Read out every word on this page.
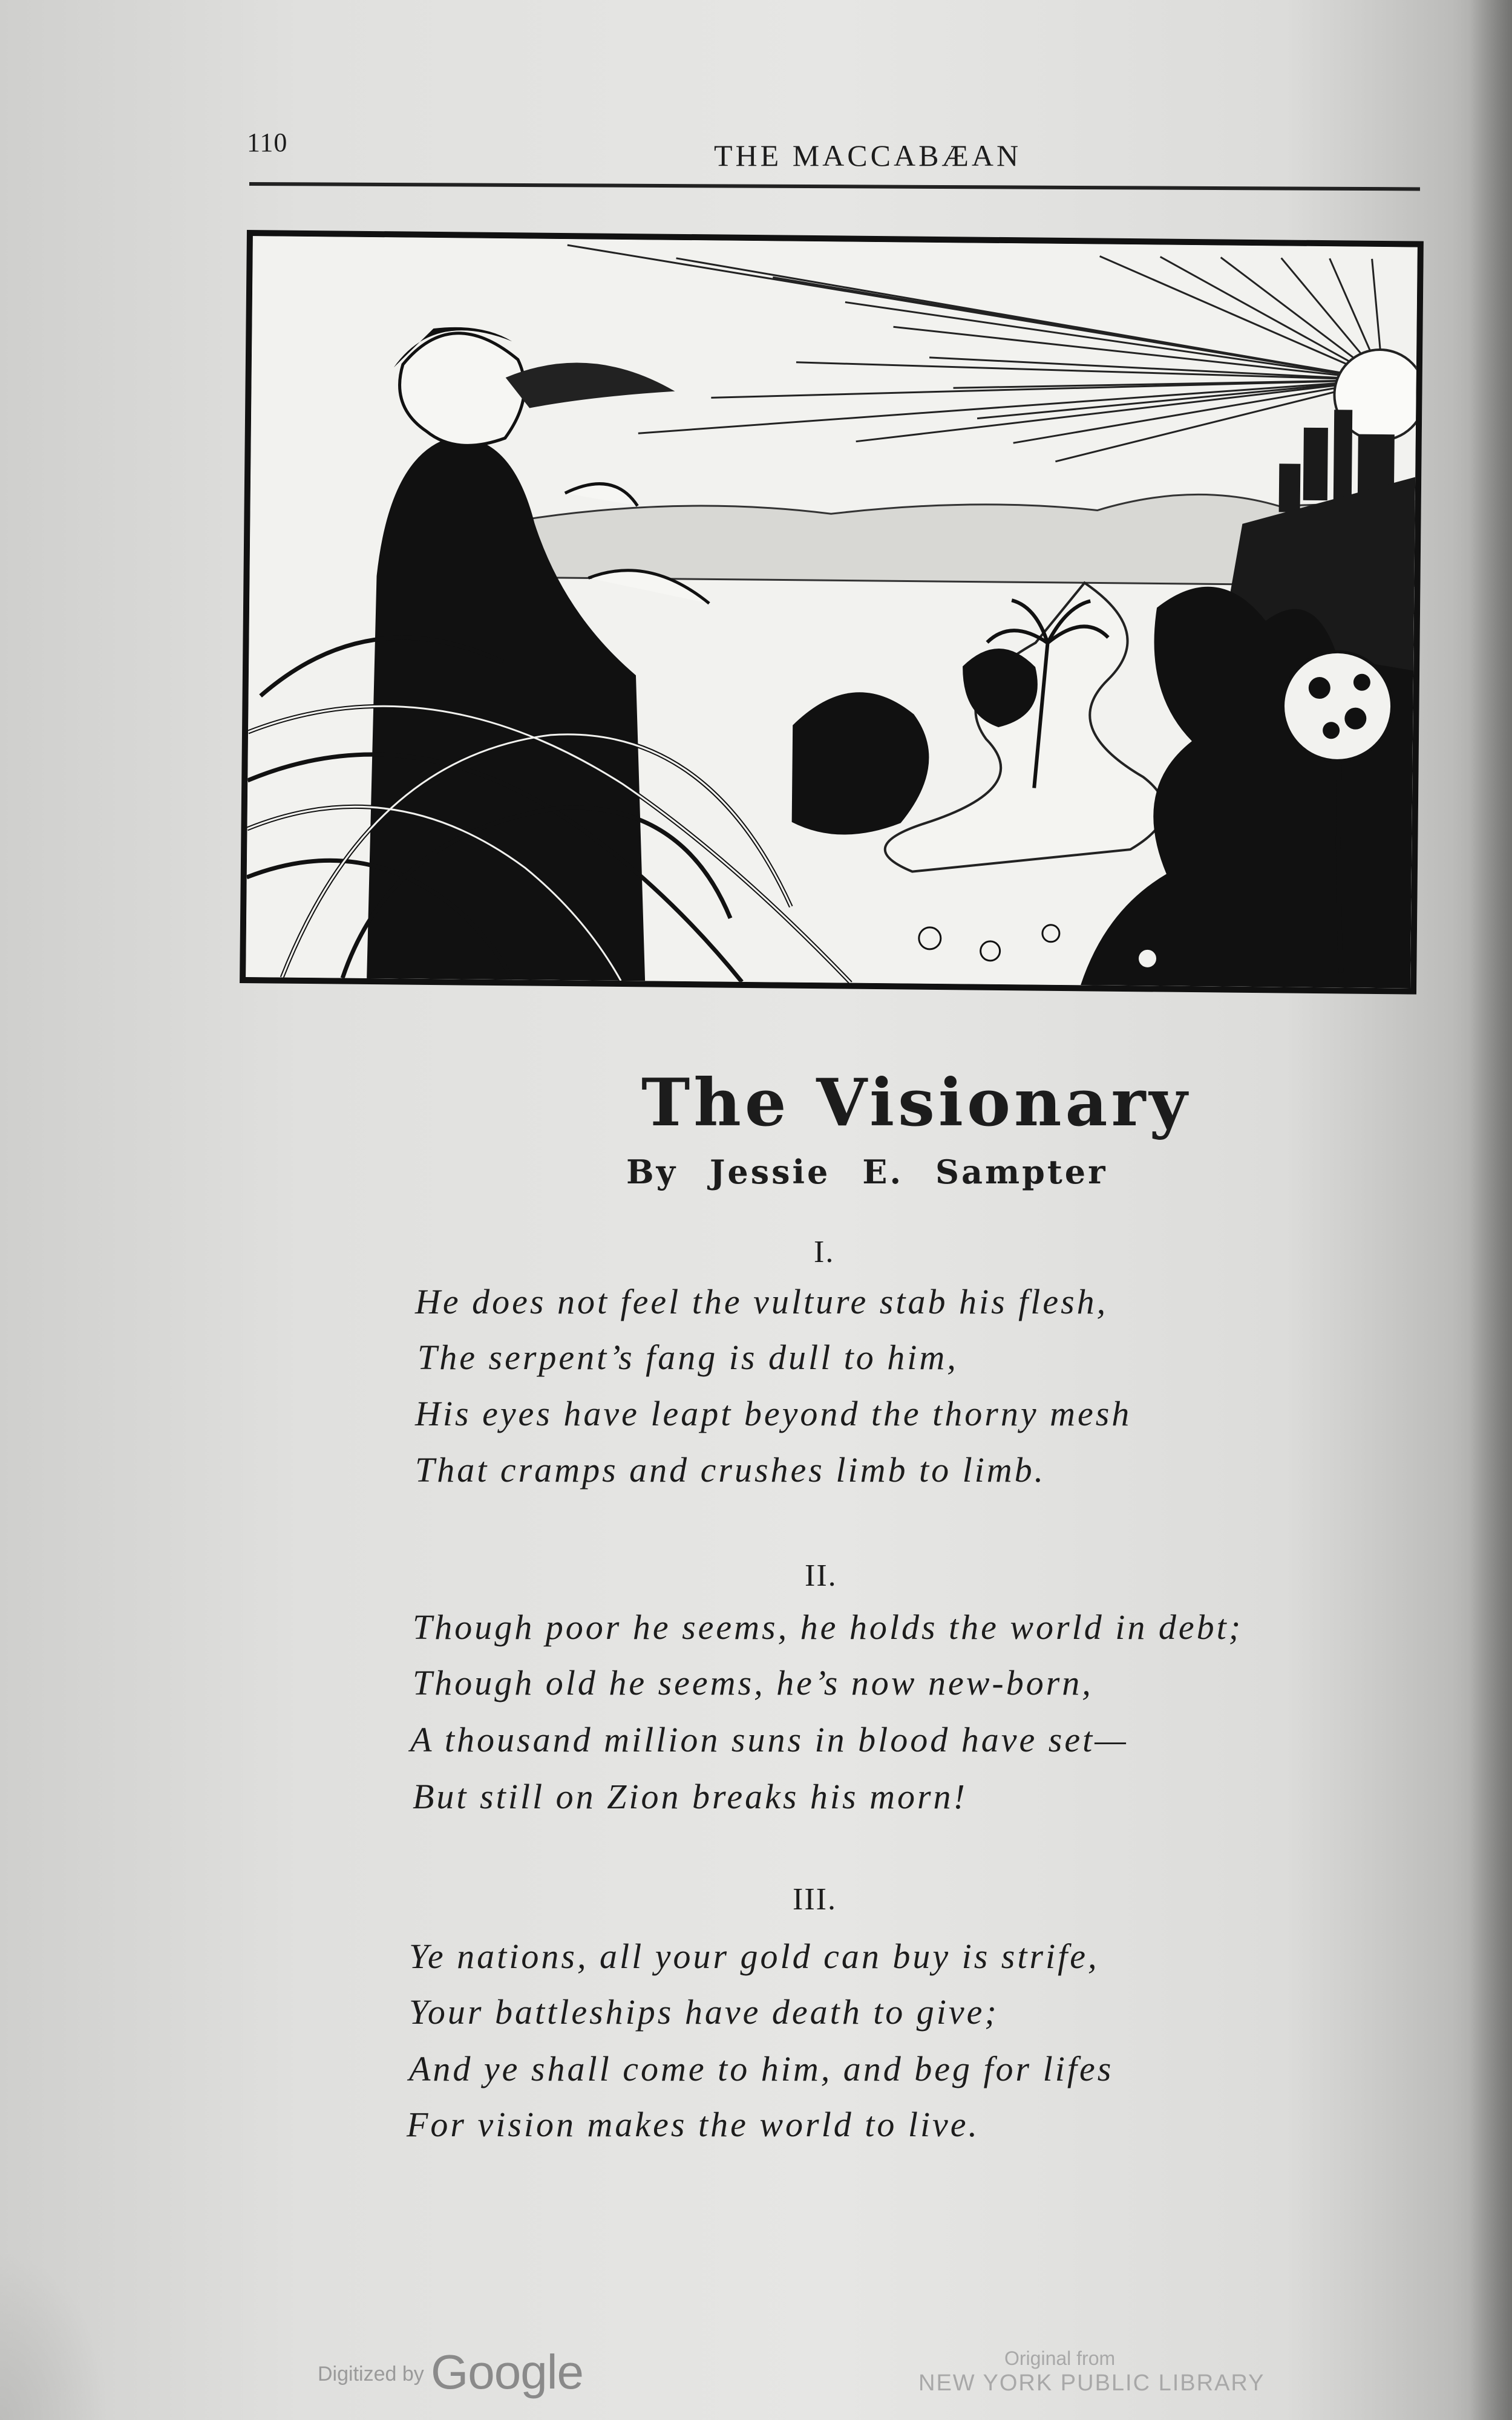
110	THE MACCABÆAN
The Visionary
By Jessie E. Sampter
I.
He does not feel the vulture stab his flesh,
The serpent’s fang is dull to him,
His eyes have leapt beyond the thorny mesh
That cramps and crushes limb to limb.
II.
Though poor he seems, he holds the world in debt;
Though old he seems, he’s now new-born,
A thousand million suns in blood have set—
But still on Zion breaks his morn!
III.
Ye nations, all your gold can buy is strife,
Your battleships have death to give;
And ye shall come to him, and beg for lifes
For vision makes the world to live.
Digitized by Google	Original from
NEW YORK PUBLIC LIBRARY
